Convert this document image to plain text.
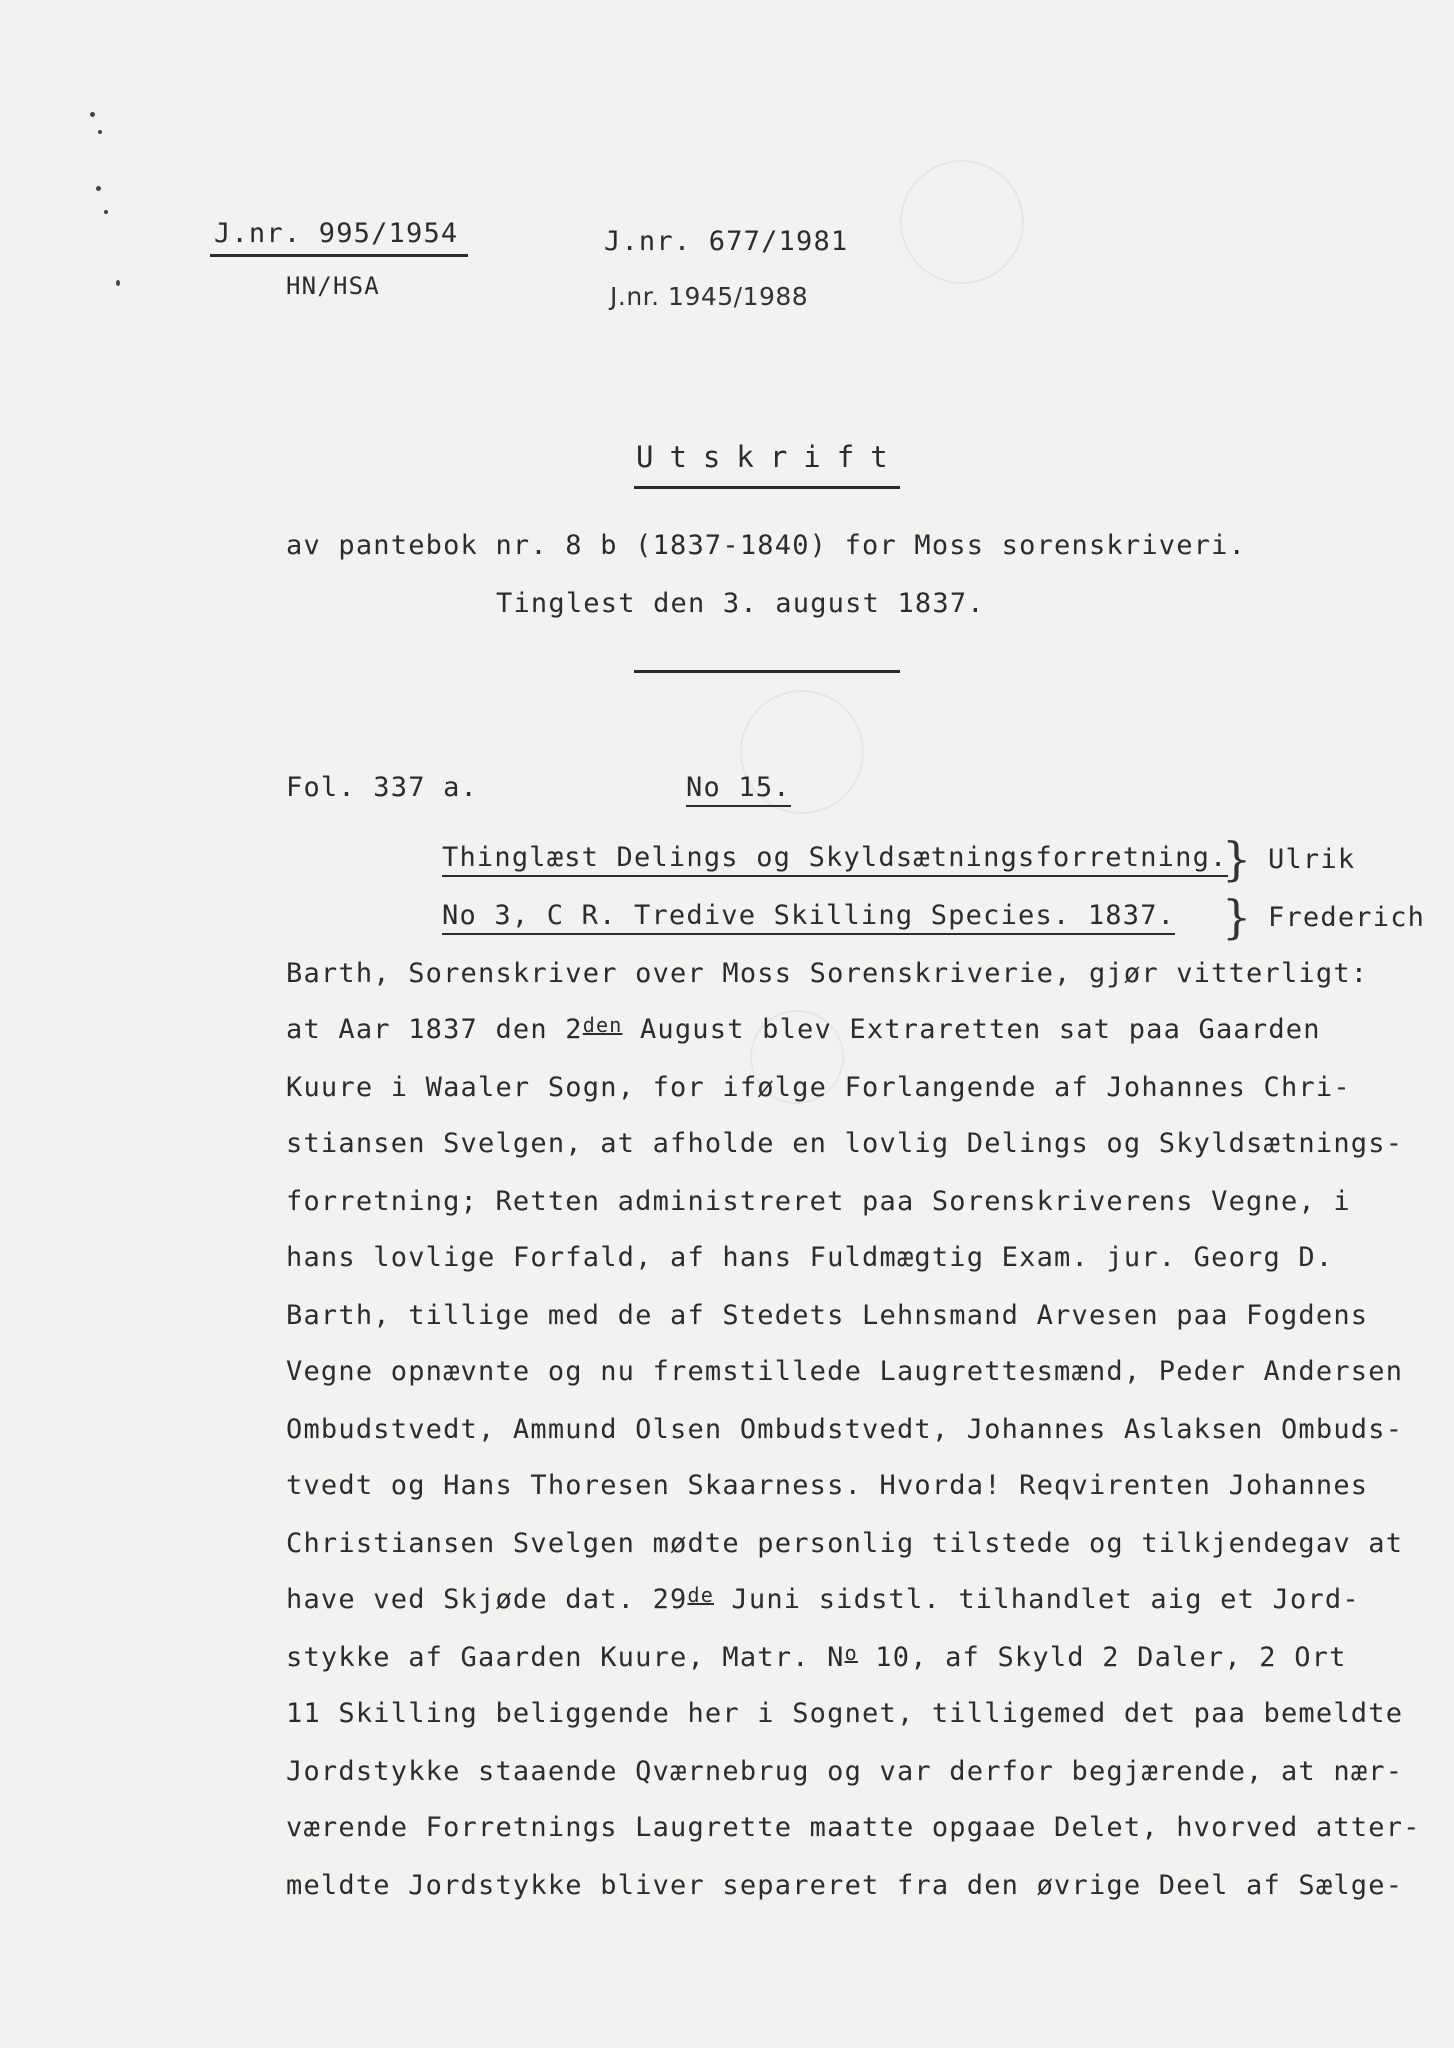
J.nr. 995/1954
HN/HSA
J.nr. 677/1981
J.nr. 1945/1988
Utskrift
av pantebok nr. 8 b (1837-1840) for Moss sorenskriveri.
Tinglest den 3. august 1837.
Fol. 337 a.	No 15.
Thinglæst Delings og Skyldsætningsforretning.
No 3, C R. Tredive Skilling Species. 1837.
}
}
Ulrik
Frederich
Barth, Sorenskriver over Moss Sorenskriverie, gjør vitterligt:
at Aar 1837 den $2^{den}$ August blev Extraretten sat paa Gaarden
Kuure i Waaler Sogn, for ifølge Forlangende af Johannes Chri-
stiansen Svelgen, at afholde en lovlig Delings og Skyldsætnings-
forretning; Retten administreret paa Sorenskriverens Vegne, i
hans lovlige Forfald, af hans Fuldmægtig Exam. jur. Georg D.
Barth, tillige med de af Stedets Lehnsmand Arvesen paa Fogdens
Vegne opnævnte og nu fremstillede Laugrettesmænd, Peder Andersen
Ombudstvedt, Ammund Olsen Ombudstvedt, Johannes Aslaksen Ombuds-
tvedt og Hans Thoresen Skaarness. Hvorda! Reqvirenten Johannes
Christiansen Svelgen mødte personlig tilstede og tilkjendegav at
have ved Skjøde dat. 29de Juni sidstl. tilhandlet aig et Jord-
stykke af Gaarden Kuure, Matr. $N^o$ 10, af Skyld 2 Daler, 2 Ort
11 Skilling beliggende her i Sognet, tilligemed det paa bemeldte
Jordstykke staaende Qværnebrug og var derfor begjærende, at nær-
værende Forretnings Laugrette maatte opgaae Delet, hvorved atter-
meldte Jordstykke bliver separeret fra den øvrige Deel af Sælge-
